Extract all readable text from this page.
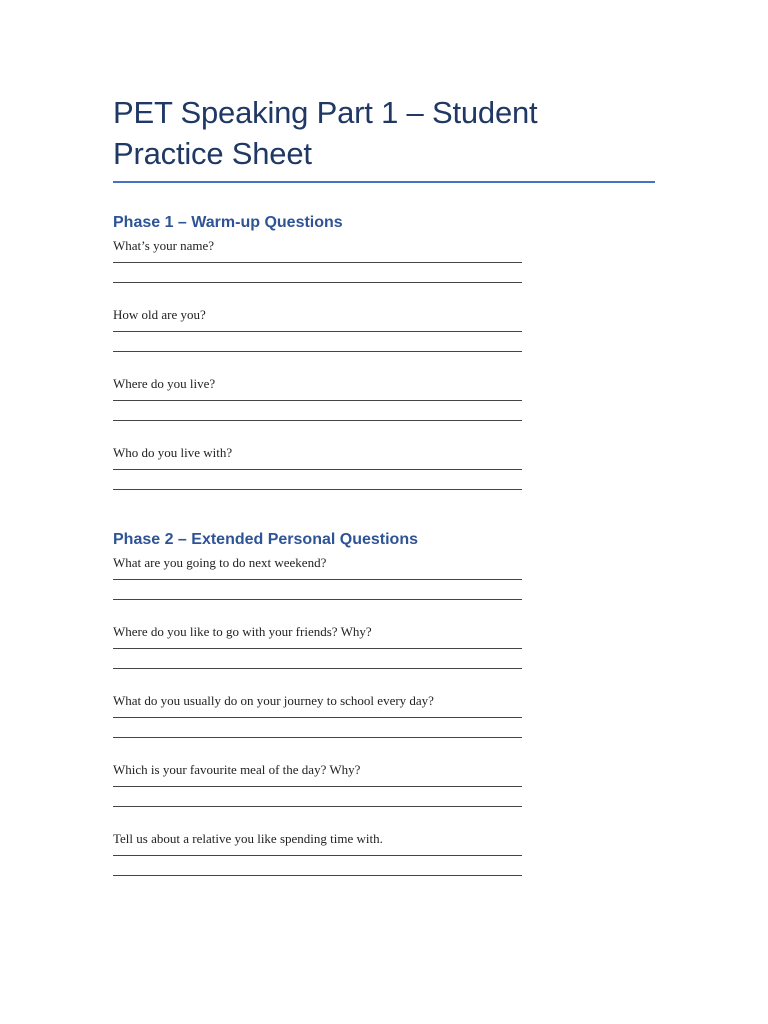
PET Speaking Part 1 – Student Practice Sheet
Phase 1 – Warm-up Questions

What’s your name?

How old are you?

Where do you live?

Who do you live with?

Phase 2 – Extended Personal Questions

What are you going to do next weekend?

Where do you like to go with your friends? Why?

What do you usually do on your journey to school every day?

Which is your favourite meal of the day? Why?

Tell us about a relative you like spending time with.
